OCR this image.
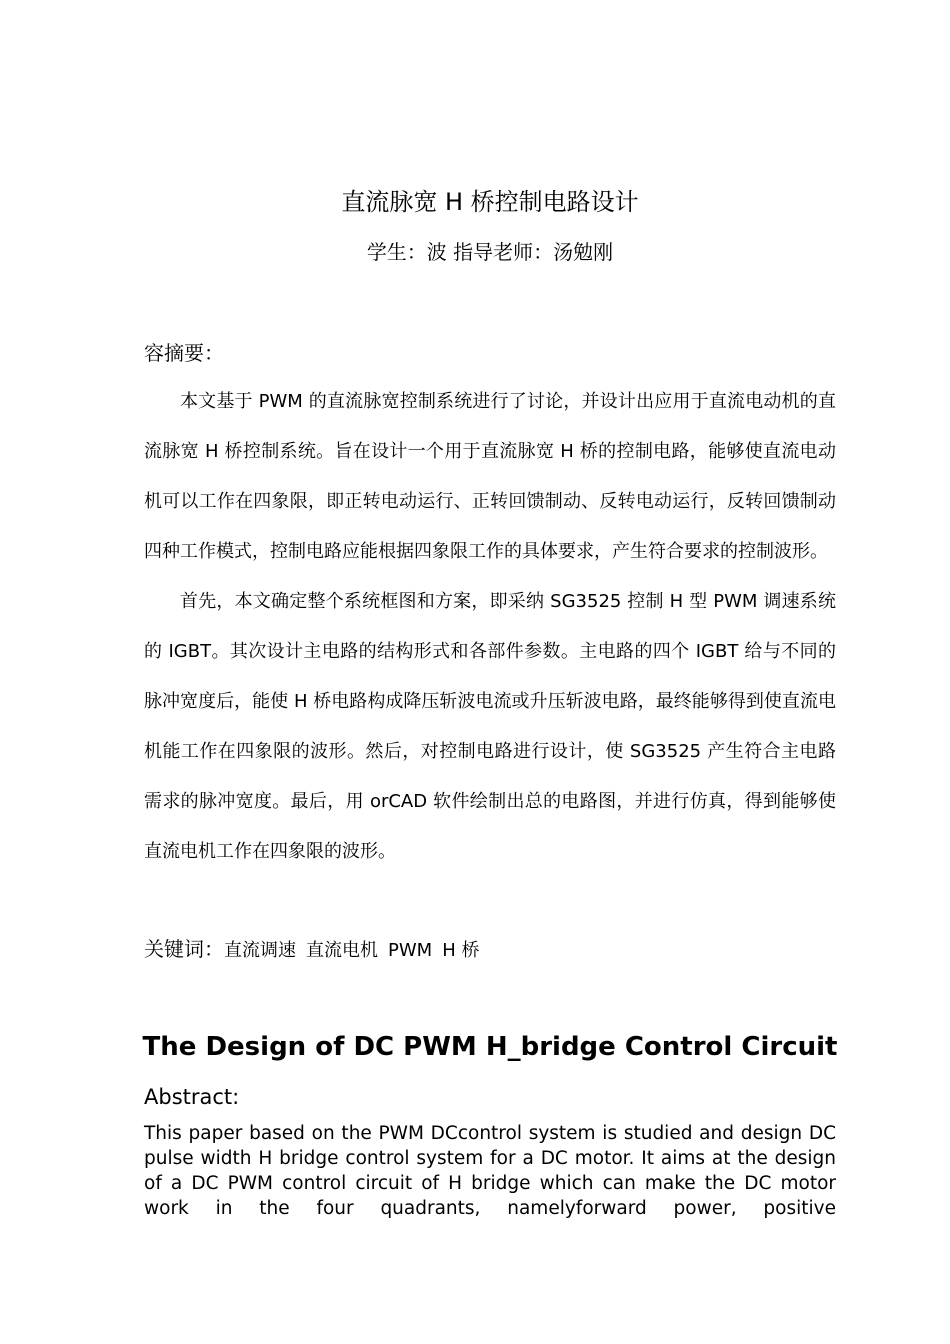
直流脉宽 H 桥控制电路设计
学生：波 指导老师：汤勉刚
容摘要：

本文基于 PWM 的直流脉宽控制系统进行了讨论，并设计出应用于直流电动机的直流脉宽 H 桥控制系统。旨在设计一个用于直流脉宽 H 桥的控制电路，能够使直流电动机可以工作在四象限，即正转电动运行、正转回馈制动、反转电动运行，反转回馈制动四种工作模式，控制电路应能根据四象限工作的具体要求，产生符合要求的控制波形。

首先，本文确定整个系统框图和方案，即采纳 SG3525 控制 H 型 PWM 调速系统的 IGBT。其次设计主电路的结构形式和各部件参数。主电路的四个 IGBT 给与不同的脉冲宽度后，能使 H 桥电路构成降压斩波电流或升压斩波电路，最终能够得到使直流电机能工作在四象限的波形。然后，对控制电路进行设计，使 SG3525 产生符合主电路需求的脉冲宽度。最后，用 orCAD 软件绘制出总的电路图，并进行仿真，得到能够使直流电机工作在四象限的波形。

关键词：直流调速 直流电机 PWM H 桥
The Design of DC PWM H_bridge Control Circuit
Abstract:
This paper based on the PWM DCcontrol system is studied and design DC pulse width H bridge control system for a DC motor. It aims at the design of a DC PWM control circuit of H bridge which can make the DC motor work in the four quadrants, namelyforward power, positive
